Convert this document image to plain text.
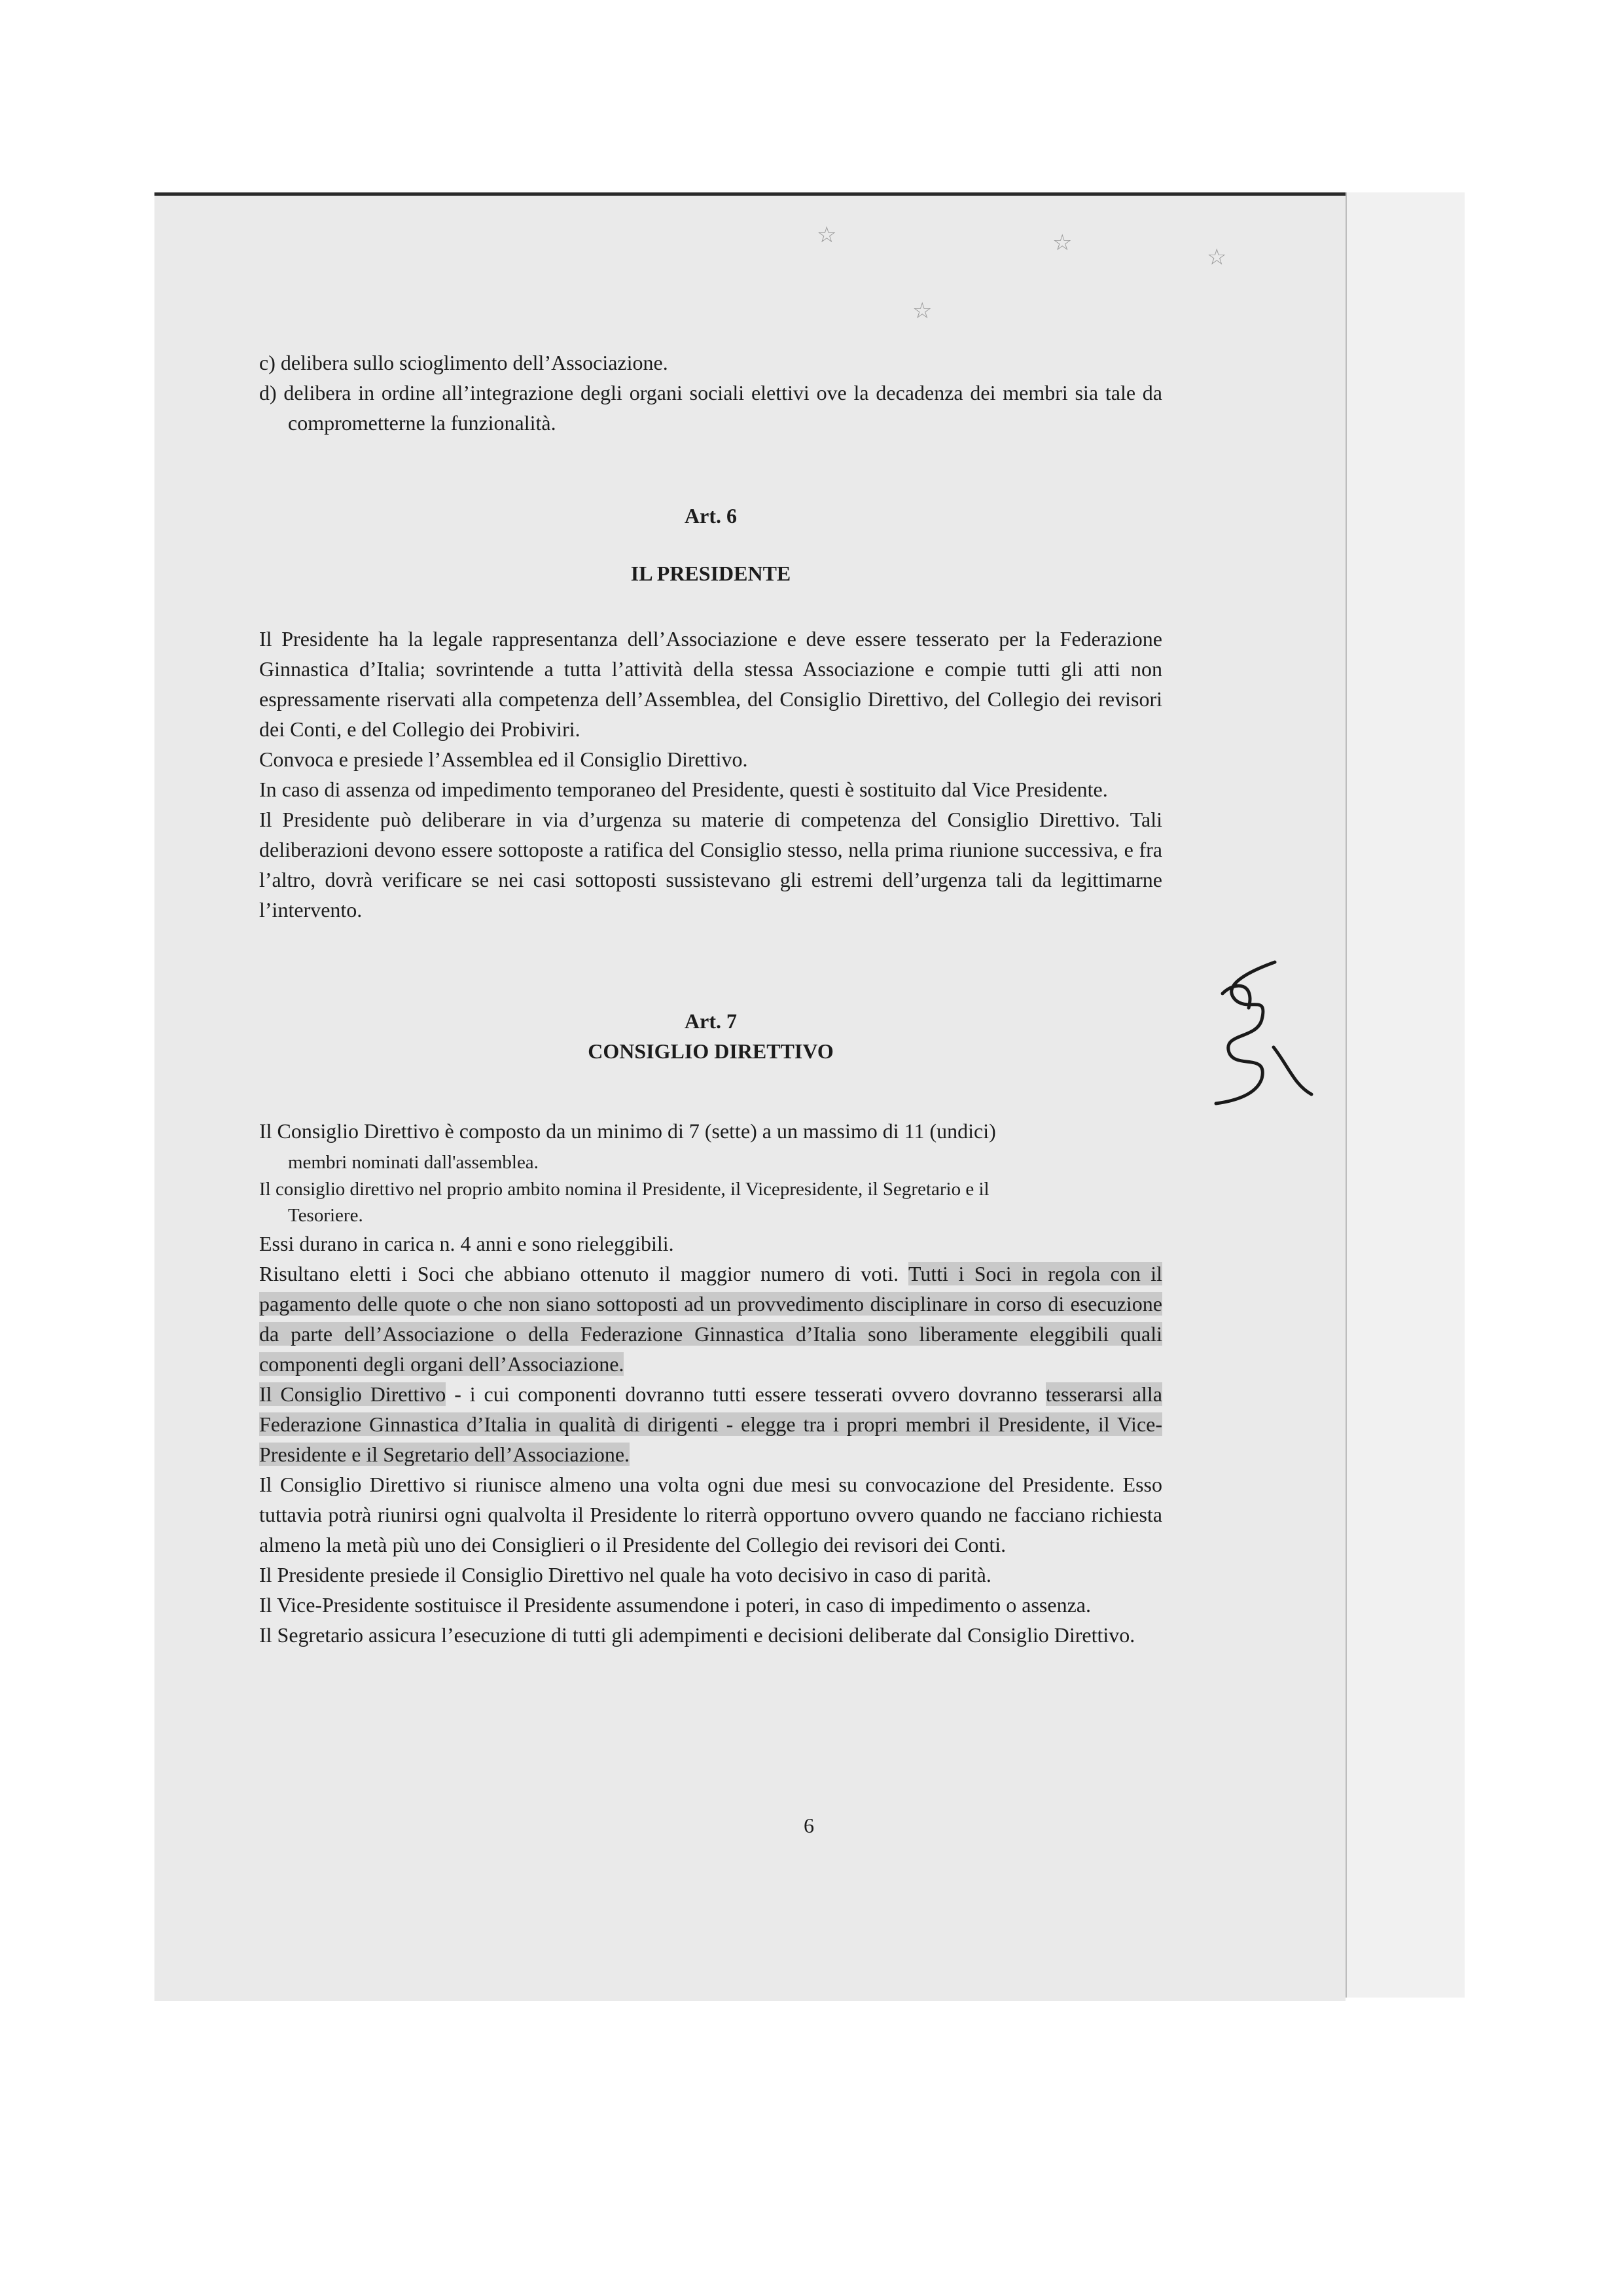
☆	☆
☆
☆

c) delibera sullo scioglimento dell’Associazione.

d) delibera in ordine all’integrazione degli organi sociali elettivi ove la decadenza dei membri sia tale da comprometterne la funzionalità.

Art. 6

IL PRESIDENTE

Il Presidente ha la legale rappresentanza dell’Associazione e deve essere tesserato per la Federazione Ginnastica d’Italia; sovrintende a tutta l’attività della stessa Associazione e compie tutti gli atti non espressamente riservati alla competenza dell’Assemblea, del Consiglio Direttivo, del Collegio dei revisori dei Conti, e del Collegio dei Probiviri.

Convoca e presiede l’Assemblea ed il Consiglio Direttivo.

In caso di assenza od impedimento temporaneo del Presidente, questi è sostituito dal Vice Presidente.

Il Presidente può deliberare in via d’urgenza su materie di competenza del Consiglio Direttivo. Tali deliberazioni devono essere sottoposte a ratifica del Consiglio stesso, nella prima riunione successiva, e fra l’altro, dovrà verificare se nei casi sottoposti sussistevano gli estremi dell’urgenza tali da legittimarne l’intervento.

Art. 7

CONSIGLIO DIRETTIVO

Il Consiglio Direttivo è composto da un minimo di 7 (sette) a un massimo di 11 (undici)
membri nominati dall'assemblea.

Il consiglio direttivo nel proprio ambito nomina il Presidente, il Vicepresidente, il Segretario e il
Tesoriere.

Essi durano in carica n. 4 anni e sono rieleggibili.

Risultano eletti i Soci che abbiano ottenuto il maggior numero di voti. Tutti i Soci in regola con il pagamento delle quote o che non siano sottoposti ad un provvedimento disciplinare in corso di esecuzione da parte dell’Associazione o della Federazione Ginnastica d’Italia sono liberamente eleggibili quali componenti degli organi dell’Associazione.

Il Consiglio Direttivo - i cui componenti dovranno tutti essere tesserati ovvero dovranno tesserarsi alla Federazione Ginnastica d’Italia in qualità di dirigenti - elegge tra i propri membri il Presidente, il Vice-Presidente e il Segretario dell’Associazione.

Il Consiglio Direttivo si riunisce almeno una volta ogni due mesi su convocazione del Presidente. Esso tuttavia potrà riunirsi ogni qualvolta il Presidente lo riterrà opportuno ovvero quando ne facciano richiesta almeno la metà più uno dei Consiglieri o il Presidente del Collegio dei revisori dei Conti.

Il Presidente presiede il Consiglio Direttivo nel quale ha voto decisivo in caso di parità.

Il Vice-Presidente sostituisce il Presidente assumendone i poteri, in caso di impedimento o assenza.

Il Segretario assicura l’esecuzione di tutti gli adempimenti e decisioni deliberate dal Consiglio Direttivo.

6
